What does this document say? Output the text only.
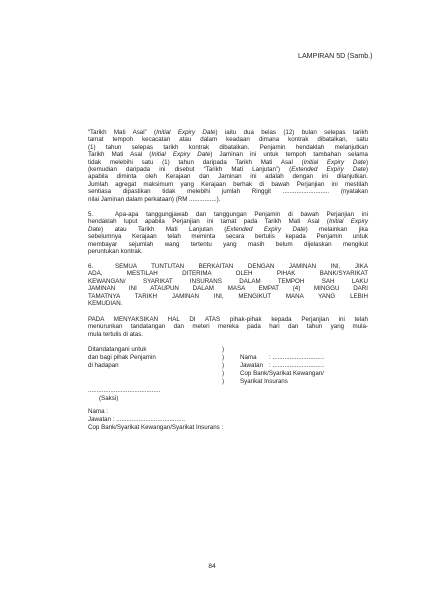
LAMPIRAN 5D (Samb.)
“Tarikh Mati Asal” (Initial Expiry Date) iaitu dua belas (12) bulan selepas tarikh
tamat tempoh kecacatan atau dalam keadaan dimana kontrak dibatalkan, satu
(1) tahun selepas tarikh kontrak dibatalkan. Penjamin hendaklah melanjutkan
Tarikh Mati Asal (Initial Expiry Date) Jaminan ini untuk tempoh tambahan selama
tidak melebihi satu (1) tahun daripada Tarikh Mati Asal (Initial Expiry Date)
(kemudian daripada ini disebut “Tarikh Mati Lanjutan”) (Extended Expiry Date)
apabila diminta oleh Kerajaan dan Jaminan ini adalah dengan ini dilanjutkan.
Jumlah agregat maksimum yang Kerajaan berhak di bawah Perjanjian ini mestilah
sentiasa dipastikan tidak melebihi jumlah Ringgit ........................... (nyatakan
nilai Jaminan dalam perkataan) (RM ................).
5.	Apa-apa tanggungjawab dan tanggungan Penjamin di bawah Perjanjian ini
hendaklah luput apabila Perjanjian ini tamat pada Tarikh Mati Asal (Initial Expiry
Date) atau Tarikh Mati Lanjutan (Extended Expiry Date) melainkan jika
sebelumnya Kerajaan telah meminta secara bertulis kepada Penjamin untuk
membayar sejumlah wang tertentu yang masih belum dijelaskan mengikut
peruntukan kontrak.
6.	SEMUA TUNTUTAN BERKAITAN DENGAN JAMINAN INI, JIKA
ADA, MESTILAH DITERIMA OLEH PIHAK BANK/SYARIKAT
KEWANGAN/ SYARIKAT INSURANS DALAM TEMPOH SAH LAKU
JAMINAN INI ATAUPUN DALAM MASA EMPAT (4) MINGGU DARI
TAMATNYA TARIKH JAMINAN INI, MENGIKUT MANA YANG LEBIH
KEMUDIAN.
PADA MENYAKSIKAN HAL DI ATAS pihak-pihak kepada Perjanjian ini telah
menurunkan tandatangan dan meteri mereka pada hari dan tahun yang mula-
mula tertulis di atas.
Ditandatangani untuk
dan bagi pihak Penjamin
di hadapan
)
)
)
)
)
Nama : ..............................
Jawatan : ..............................
Cop Bank/Syarikat Kewangan/
Syarikat Insurans
..........................................
(Saksi)
Nama :
Jawatan : ........................................
Cop Bank/Syarikat Kewangan/Syarikat Insurans :
84
